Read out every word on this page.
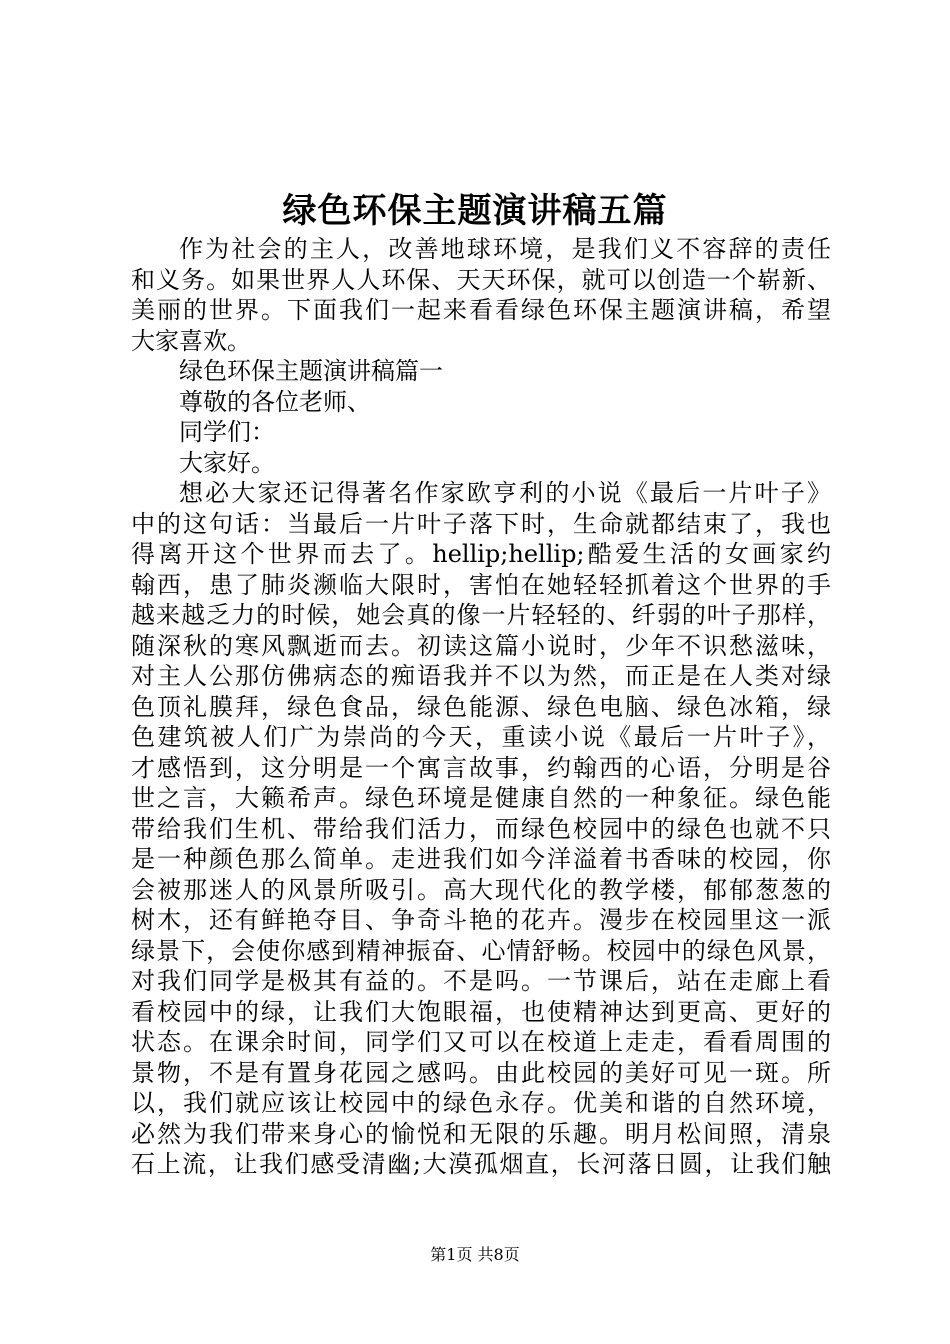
绿色环保主题演讲稿五篇
作为社会的主人，改善地球环境，是我们义不容辞的责任
和义务。如果世界人人环保、天天环保，就可以创造一个崭新、
美丽的世界。下面我们一起来看看绿色环保主题演讲稿，希望
大家喜欢。
绿色环保主题演讲稿篇一
尊敬的各位老师、
同学们：
大家好。
想必大家还记得著名作家欧亨利的小说《最后一片叶子》
中的这句话：当最后一片叶子落下时，生命就都结束了，我也
得离开这个世界而去了。hellip;hellip;酷爱生活的女画家约
翰西，患了肺炎濒临大限时，害怕在她轻轻抓着这个世界的手
越来越乏力的时候，她会真的像一片轻轻的、纤弱的叶子那样，
随深秋的寒风飘逝而去。初读这篇小说时，少年不识愁滋味，
对主人公那仿佛病态的痴语我并不以为然，而正是在人类对绿
色顶礼膜拜，绿色食品，绿色能源、绿色电脑、绿色冰箱，绿
色建筑被人们广为崇尚的今天，重读小说《最后一片叶子》，
才感悟到，这分明是一个寓言故事，约翰西的心语，分明是谷
世之言，大籁希声。绿色环境是健康自然的一种象征。绿色能
带给我们生机、带给我们活力，而绿色校园中的绿色也就不只
是一种颜色那么简单。走进我们如今洋溢着书香味的校园，你
会被那迷人的风景所吸引。高大现代化的教学楼，郁郁葱葱的
树木，还有鲜艳夺目、争奇斗艳的花卉。漫步在校园里这一派
绿景下，会使你感到精神振奋、心情舒畅。校园中的绿色风景，
对我们同学是极其有益的。不是吗。一节课后，站在走廊上看
看校园中的绿，让我们大饱眼福，也使精神达到更高、更好的
状态。在课余时间，同学们又可以在校道上走走，看看周围的
景物，不是有置身花园之感吗。由此校园的美好可见一斑。所
以，我们就应该让校园中的绿色永存。优美和谐的自然环境，
必然为我们带来身心的愉悦和无限的乐趣。明月松间照，清泉
石上流，让我们感受清幽;大漠孤烟直，长河落日圆，让我们触
第1页 共8页
